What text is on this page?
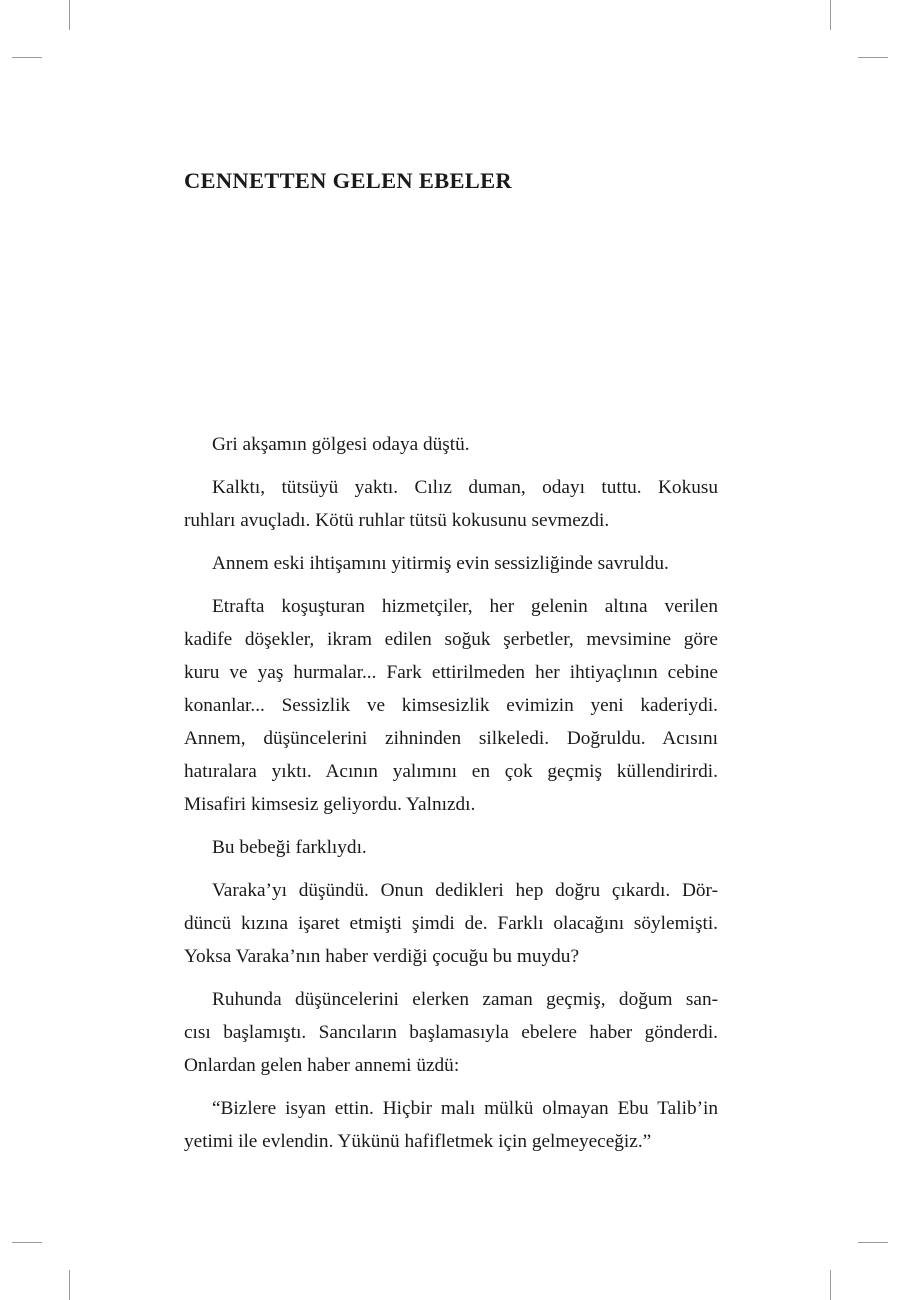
CENNETTEN GELEN EBELER

Gri akşamın gölgesi odaya düştü.

Kalktı, tütsüyü yaktı. Cılız duman, odayı tuttu. Kokusu
ruhları avuçladı. Kötü ruhlar tütsü kokusunu sevmezdi.

Annem eski ihtişamını yitirmiş evin sessizliğinde savruldu.

Etrafta koşuşturan hizmetçiler, her gelenin altına verilen
kadife döşekler, ikram edilen soğuk şerbetler, mevsimine göre
kuru ve yaş hurmalar... Fark ettirilmeden her ihtiyaçlının cebine
konanlar... Sessizlik ve kimsesizlik evimizin yeni kaderiydi.
Annem, düşüncelerini zihninden silkeledi. Doğruldu. Acısını
hatıralara yıktı. Acının yalımını en çok geçmiş küllendirirdi.
Misafiri kimsesiz geliyordu. Yalnızdı.

Bu bebeği farklıydı.

Varaka’yı düşündü. Onun dedikleri hep doğru çıkardı. Dör-
düncü kızına işaret etmişti şimdi de. Farklı olacağını söylemişti.
Yoksa Varaka’nın haber verdiği çocuğu bu muydu?

Ruhunda düşüncelerini elerken zaman geçmiş, doğum san-
cısı başlamıştı. Sancıların başlamasıyla ebelere haber gönderdi.
Onlardan gelen haber annemi üzdü:

“Bizlere isyan ettin. Hiçbir malı mülkü olmayan Ebu Talib’in
yetimi ile evlendin. Yükünü hafifletmek için gelmeyeceğiz.”
